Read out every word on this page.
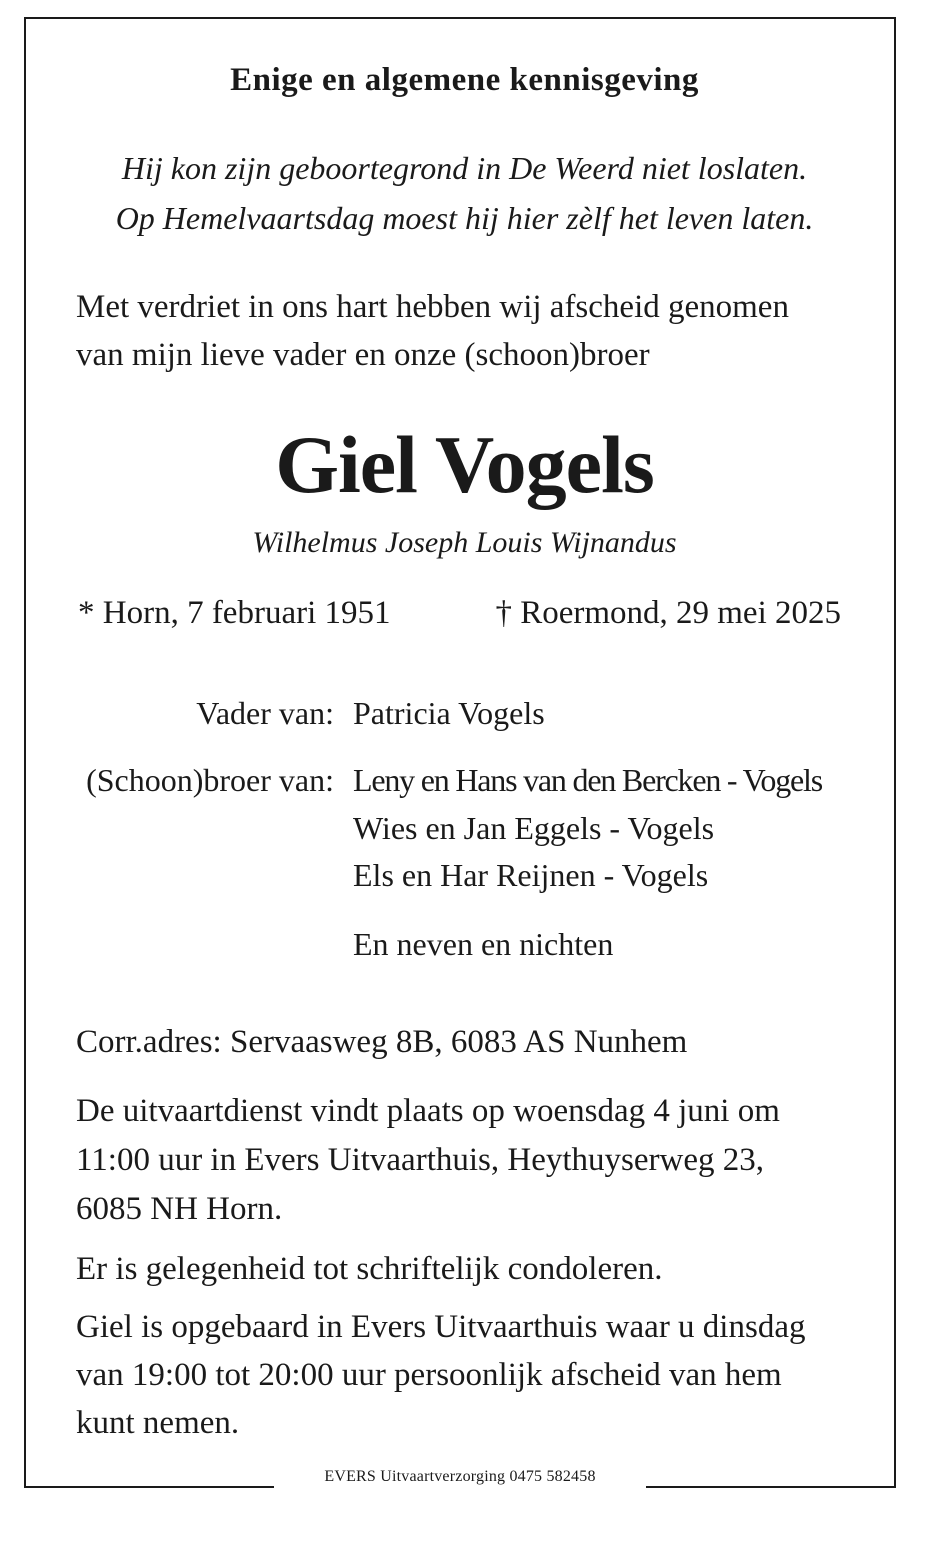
Enige en algemene kennisgeving
Hij kon zijn geboortegrond in De Weerd niet loslaten.
Op Hemelvaartsdag moest hij hier zèlf het leven laten.
Met verdriet in ons hart hebben wij afscheid genomen
van mijn lieve vader en onze (schoon)broer
Giel Vogels
Wilhelmus Joseph Louis Wijnandus
* Horn, 7 februari 1951	† Roermond, 29 mei 2025
Vader van: Patricia Vogels
(Schoon)broer van: Leny en Hans van den Bercken - Vogels
Wies en Jan Eggels - Vogels
Els en Har Reijnen - Vogels
En neven en nichten
Corr.adres: Servaasweg 8B, 6083 AS Nunhem
De uitvaartdienst vindt plaats op woensdag 4 juni om
11:00 uur in Evers Uitvaarthuis, Heythuyserweg 23,
6085 NH Horn.
Er is gelegenheid tot schriftelijk condoleren.
Giel is opgebaard in Evers Uitvaarthuis waar u dinsdag
van 19:00 tot 20:00 uur persoonlijk afscheid van hem
kunt nemen.
EVERS Uitvaartverzorging 0475 582458
